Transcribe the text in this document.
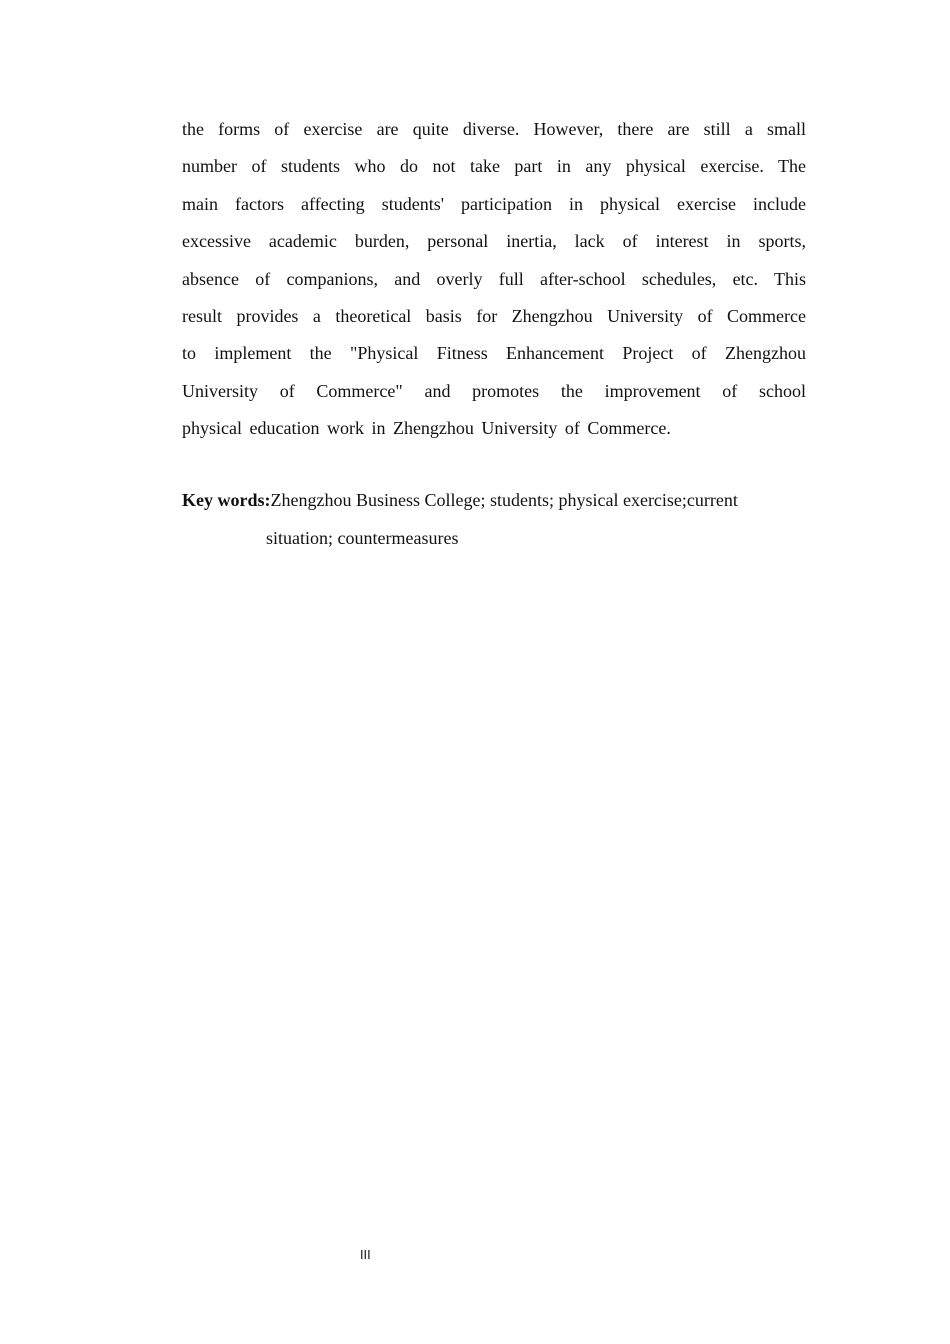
the forms of exercise are quite diverse. However, there are still a small
number of students who do not take part in any physical exercise. The
main factors affecting students' participation in physical exercise include
excessive academic burden, personal inertia, lack of interest in sports,
absence of companions, and overly full after-school schedules, etc. This
result provides a theoretical basis for Zhengzhou University of Commerce
to implement the "Physical Fitness Enhancement Project of Zhengzhou
University of Commerce" and promotes the improvement of school
physical education work in Zhengzhou University of Commerce.
Key words:Zhengzhou Business College; students; physical exercise;current
situation; countermeasures
III
